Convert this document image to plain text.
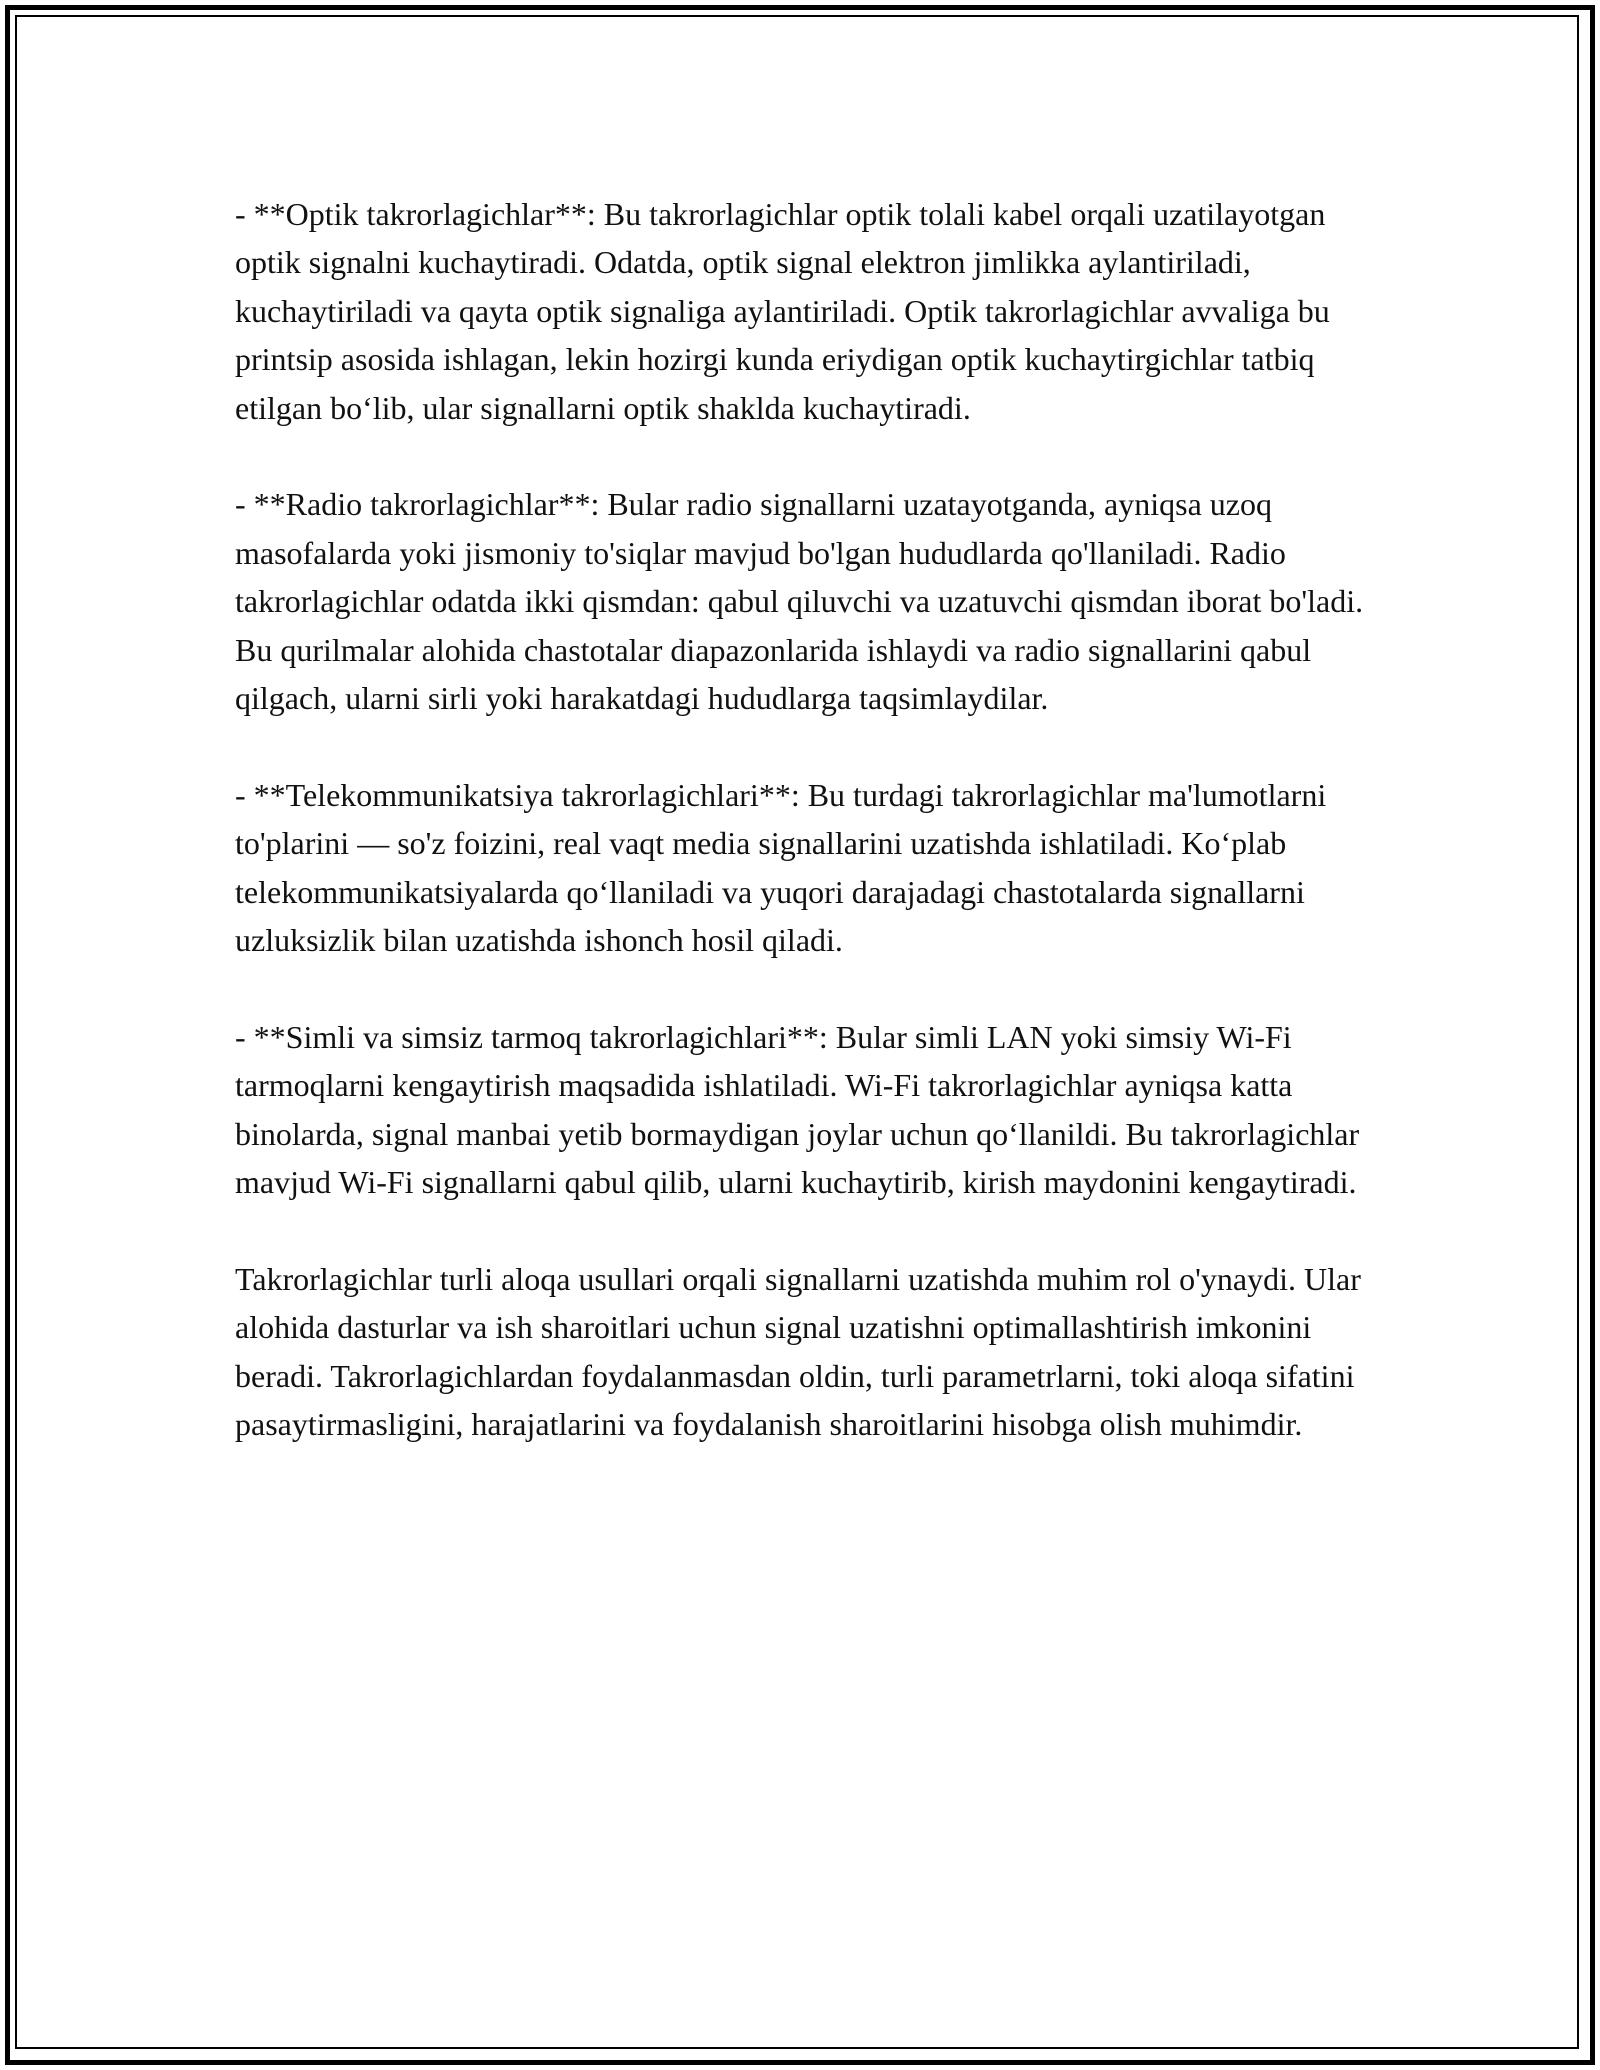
- **Optik takrorlagichlar**: Bu takrorlagichlar optik tolali kabel orqali uzatilayotgan optik signalni kuchaytiradi. Odatda, optik signal elektron jimlikka aylantiriladi, kuchaytiriladi va qayta optik signaliga aylantiriladi. Optik takrorlagichlar avvaliga bu printsip asosida ishlagan, lekin hozirgi kunda eriydigan optik kuchaytirgichlar tatbiq etilgan bo‘lib, ular signallarni optik shaklda kuchaytiradi.

- **Radio takrorlagichlar**: Bular radio signallarni uzatayotganda, ayniqsa uzoq masofalarda yoki jismoniy to'siqlar mavjud bo'lgan hududlarda qo'llaniladi. Radio takrorlagichlar odatda ikki qismdan: qabul qiluvchi va uzatuvchi qismdan iborat bo'ladi. Bu qurilmalar alohida chastotalar diapazonlarida ishlaydi va radio signallarini qabul qilgach, ularni sirli yoki harakatdagi hududlarga taqsimlaydilar.

- **Telekommunikatsiya takrorlagichlari**: Bu turdagi takrorlagichlar ma'lumotlarni to'plarini — so'z foizini, real vaqt media signallarini uzatishda ishlatiladi. Ko‘plab telekommunikatsiyalarda qo‘llaniladi va yuqori darajadagi chastotalarda signallarni uzluksizlik bilan uzatishda ishonch hosil qiladi.

- **Simli va simsiz tarmoq takrorlagichlari**: Bular simli LAN yoki simsiy Wi-Fi tarmoqlarni kengaytirish maqsadida ishlatiladi. Wi-Fi takrorlagichlar ayniqsa katta binolarda, signal manbai yetib bormaydigan joylar uchun qo‘llanildi. Bu takrorlagichlar mavjud Wi-Fi signallarni qabul qilib, ularni kuchaytirib, kirish maydonini kengaytiradi.

Takrorlagichlar turli aloqa usullari orqali signallarni uzatishda muhim rol o'ynaydi. Ular alohida dasturlar va ish sharoitlari uchun signal uzatishni optimallashtirish imkonini beradi. Takrorlagichlardan foydalanmasdan oldin, turli parametrlarni, toki aloqa sifatini pasaytirmasligini, harajatlarini va foydalanish sharoitlarini hisobga olish muhimdir.
